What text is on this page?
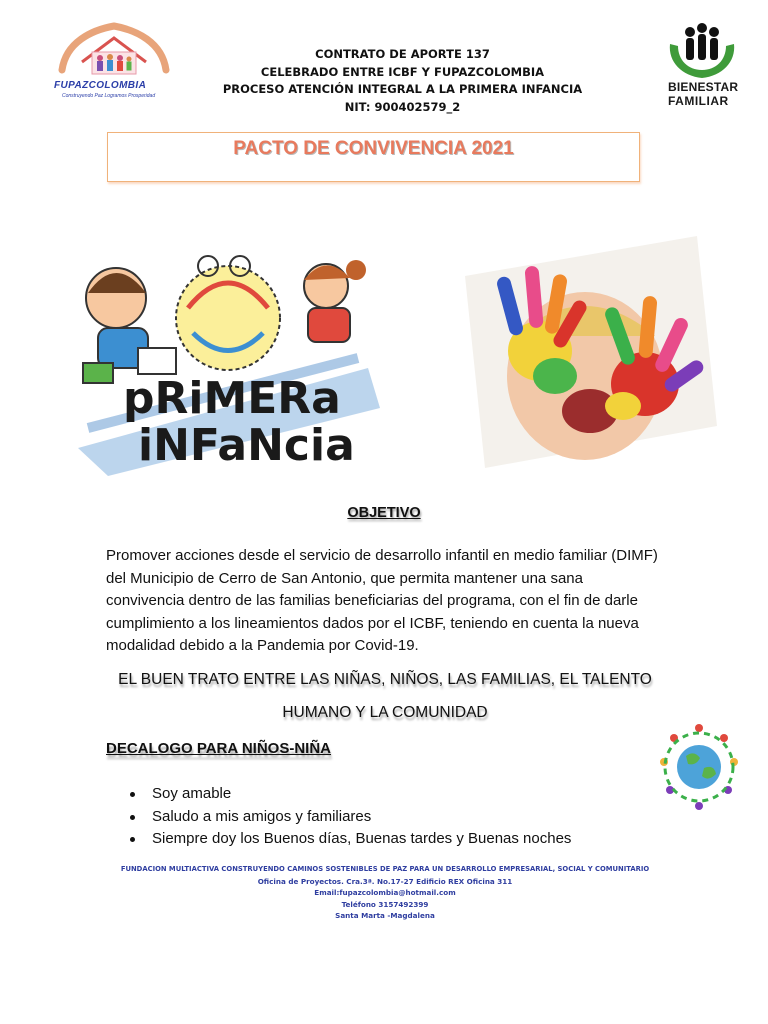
FUPAZCOLOMBIA
Construyendo Paz Logramos Prosperidad
CONTRATO DE APORTE 137
CELEBRADO ENTRE ICBF Y FUPAZCOLOMBIA
PROCESO ATENCIÓN INTEGRAL A LA PRIMERA INFANCIA
NIT: 900402579_2
BIENESTAR
FAMILIAR
PACTO DE CONVIVENCIA 2021
pRiMERa
iNFaNcia
OBJETIVO
Promover acciones desde el servicio de desarrollo infantil en medio familiar (DIMF)
del Municipio de Cerro de San Antonio, que permita mantener una sana
convivencia dentro de las familias beneficiarias del programa, con el fin de darle
cumplimiento a los lineamientos dados por el ICBF, teniendo en cuenta la nueva
modalidad debido a la Pandemia por Covid-19.
EL BUEN TRATO ENTRE LAS NIÑAS, NIÑOS, LAS FAMILIAS, EL TALENTO
HUMANO Y LA COMUNIDAD
DECALOGO PARA NIÑOS-NIÑA
Soy amable
Saludo a mis amigos y familiares
Siempre doy los Buenos días, Buenas tardes y Buenas noches
FUNDACION MULTIACTIVA CONSTRUYENDO CAMINOS SOSTENIBLES DE PAZ PARA UN DESARROLLO EMPRESARIAL, SOCIAL Y COMUNITARIO
Oficina de Proyectos. Cra.3ª. No.17-27 Edificio REX Oficina 311
Email:fupazcolombia@hotmail.com
Teléfono 3157492399
Santa Marta -Magdalena
